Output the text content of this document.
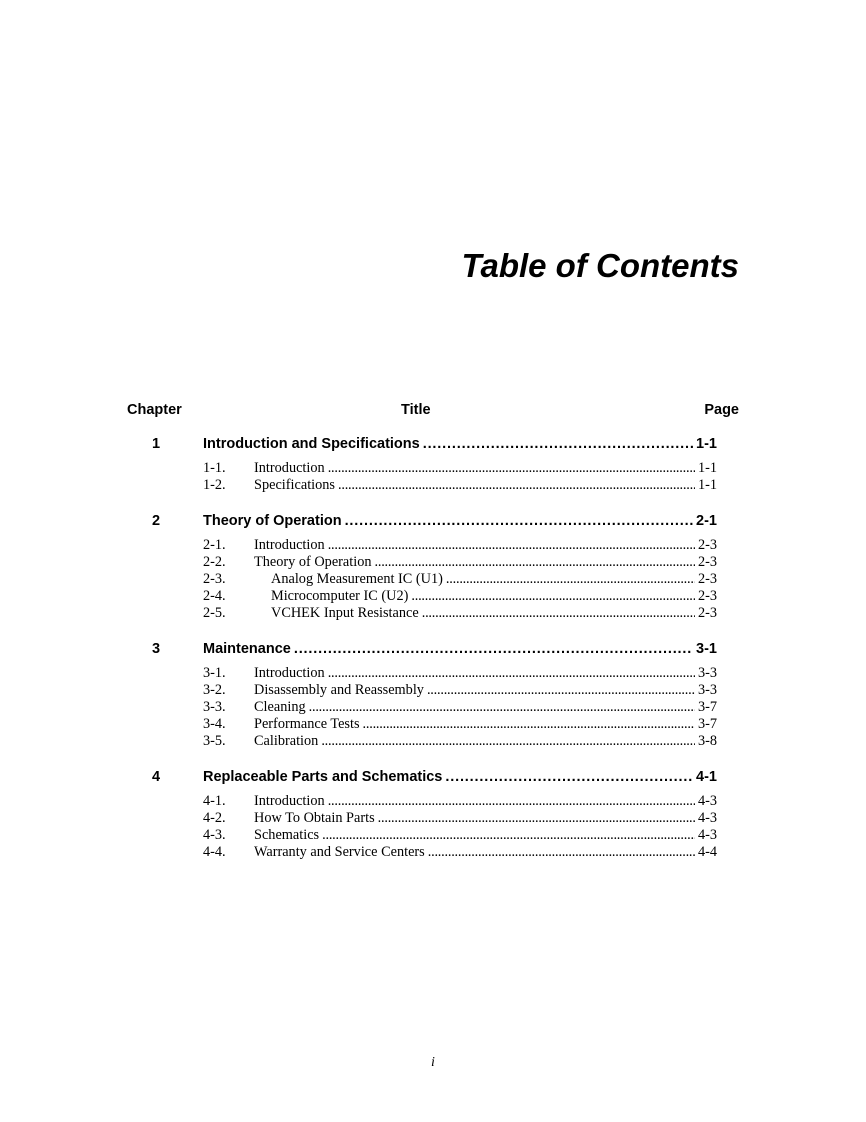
Table of Contents
Chapter	Title	Page
1	Introduction and Specifications . . .	1-1
1-1. Introduction . . .	1-1
1-2. Specifications . . .	1-1
2	Theory of Operation . . .	2-1
2-1. Introduction . . .	2-3
2-2. Theory of Operation . . .	2-3
2-3.	Analog Measurement IC (U1) . . .	2-3
2-4.	Microcomputer IC (U2) . . .	2-3
2-5.	VCHEK Input Resistance . . .	2-3
3	Maintenance . . .	3-1
3-1. Introduction . . .	3-3
3-2. Disassembly and Reassembly . . .	3-3
3-3. Cleaning . . .	3-7
3-4. Performance Tests . . .	3-7
3-5. Calibration . . .	3-8
4	Replaceable Parts and Schematics . . .	4-1
4-1. Introduction . . .	4-3
4-2. How To Obtain Parts . . .	4-3
4-3. Schematics . . .	4-3
4-4. Warranty and Service Centers . . .	4-4
i
